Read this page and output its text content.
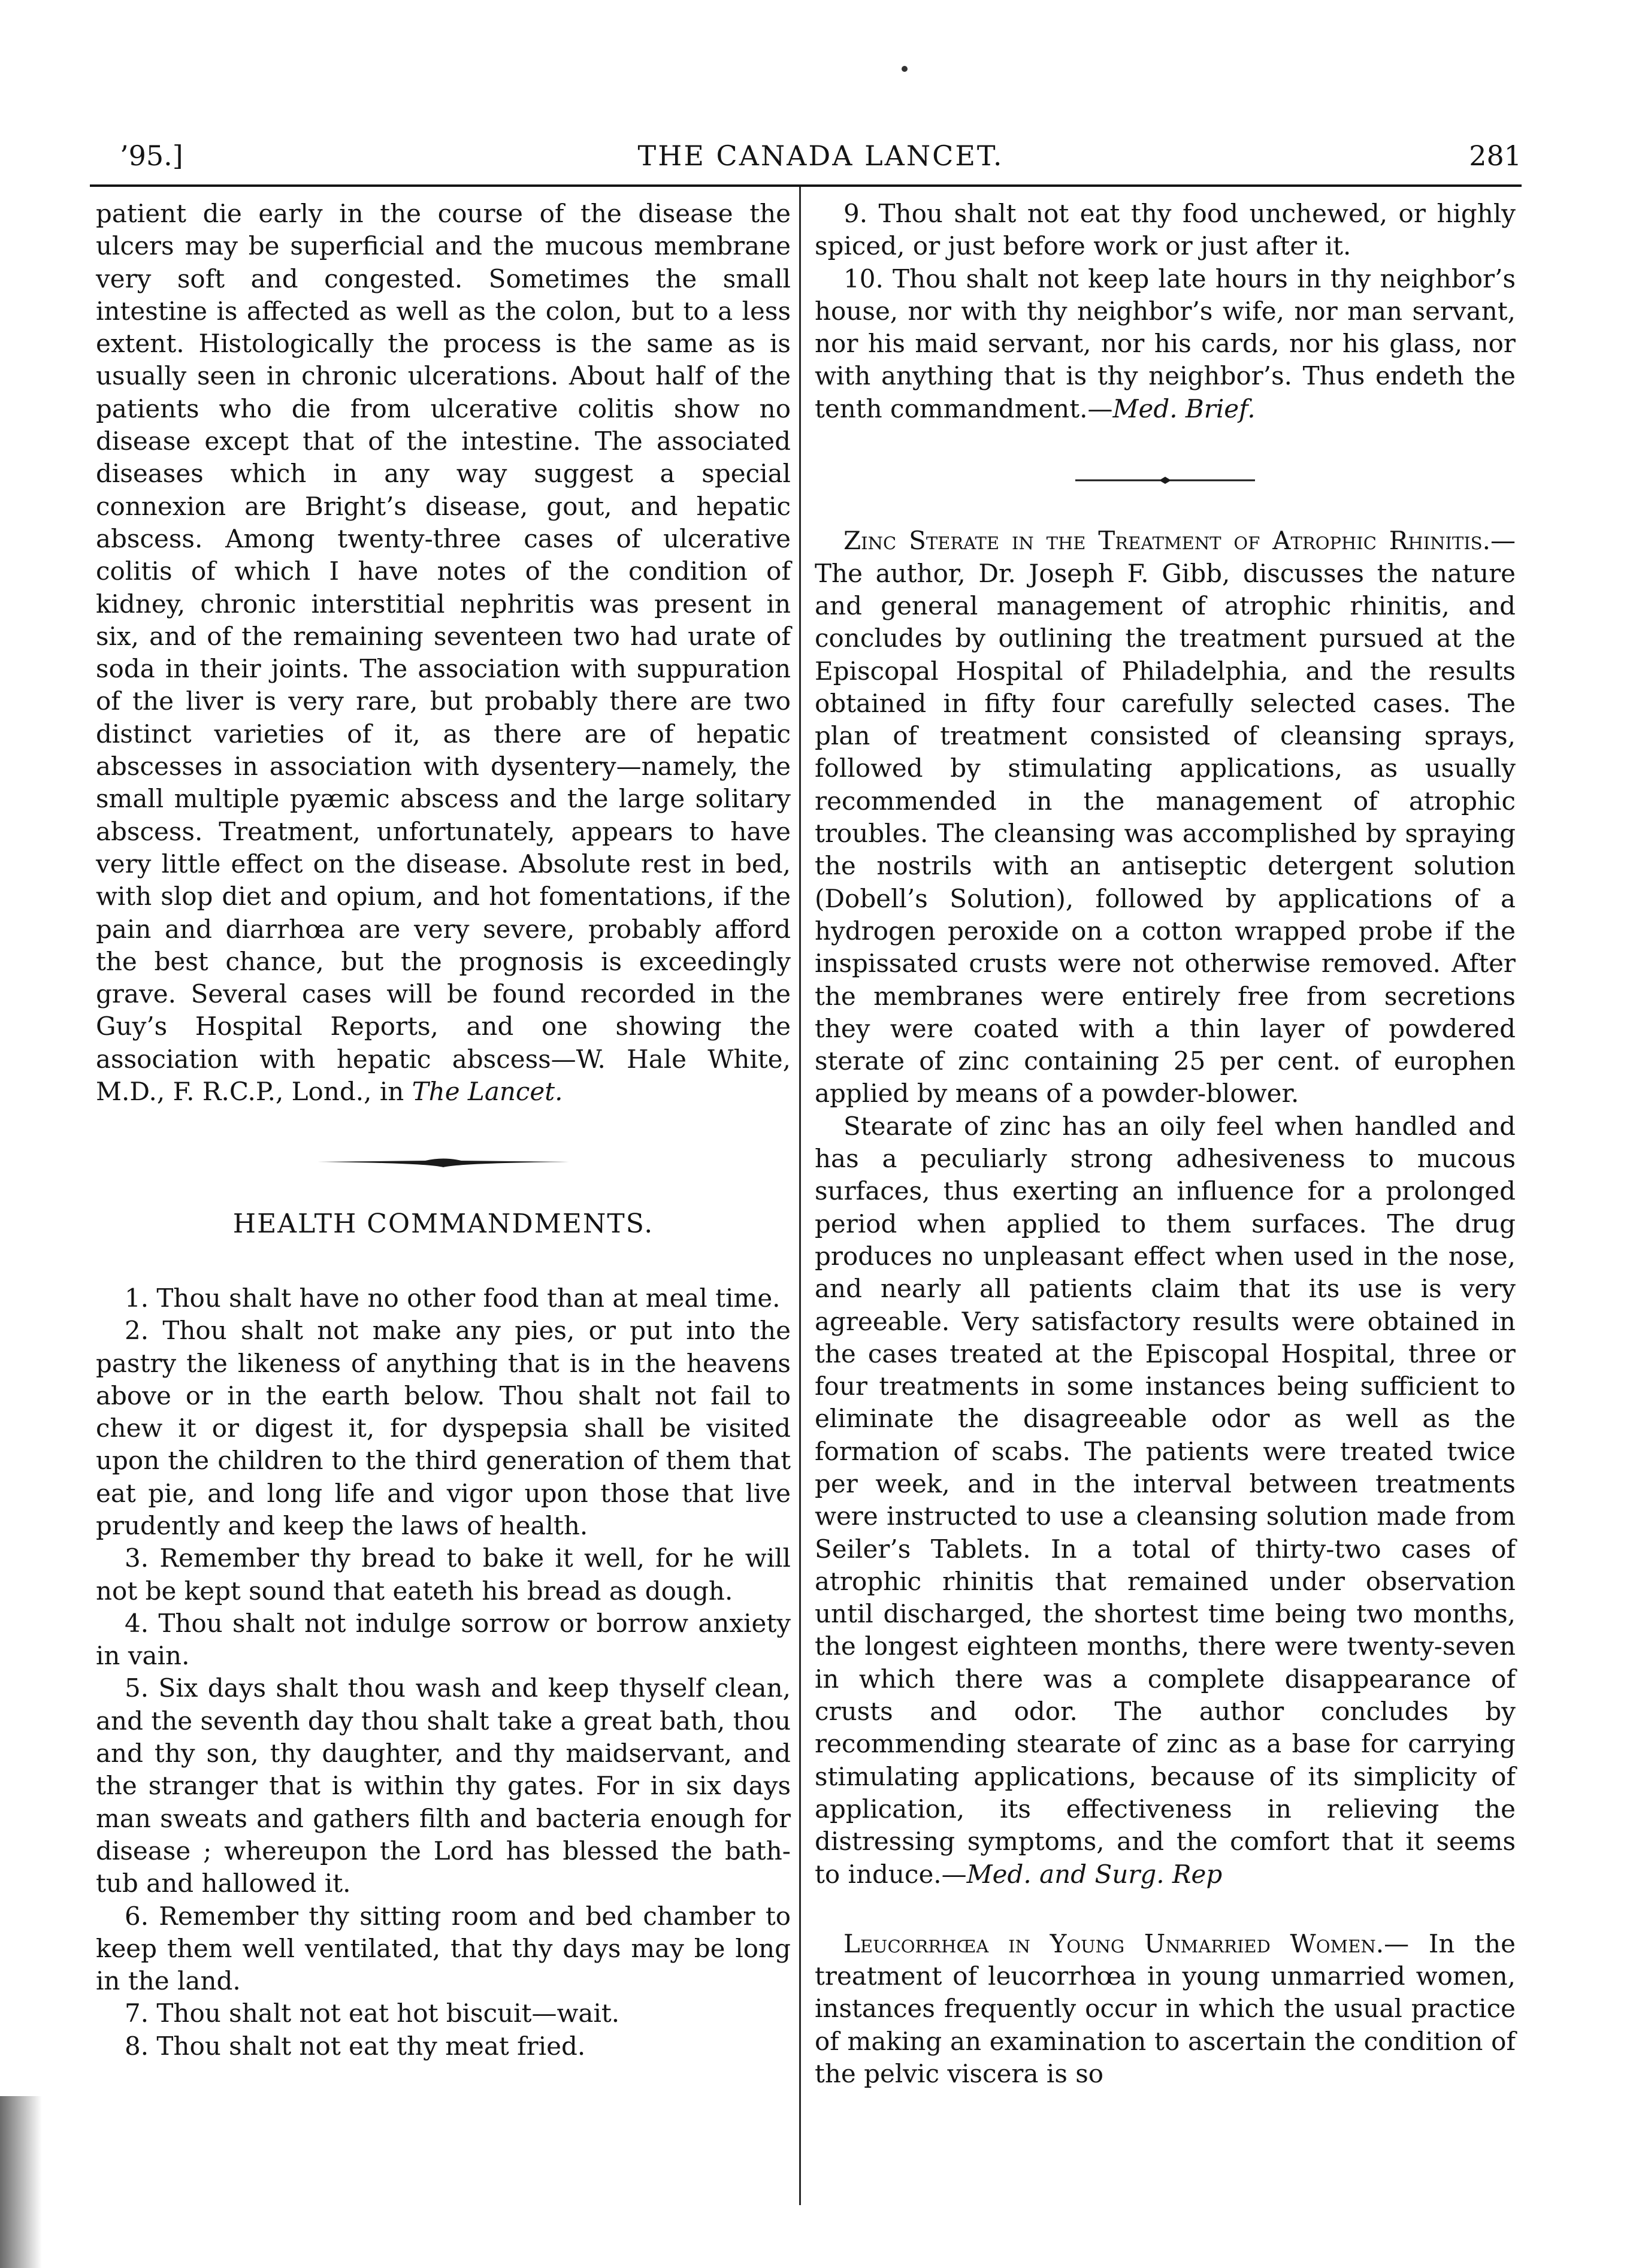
’95.]	THE CANADA LANCET.	281

patient die early in the course of the disease the ulcers may be superficial and the mucous membrane very soft and congested. Sometimes the small intestine is affected as well as the colon, but to a less extent. Histologically the process is the same as is usually seen in chronic ulcerations. About half of the patients who die from ulcerative colitis show no disease except that of the intestine. The associated diseases which in any way suggest a special connexion are Bright’s disease, gout, and hepatic abscess. Among twenty-three cases of ulcerative colitis of which I have notes of the condition of kidney, chronic interstitial nephritis was present in six, and of the remaining seventeen two had urate of soda in their joints. The association with suppuration of the liver is very rare, but probably there are two distinct varieties of it, as there are of hepatic abscesses in association with dysentery—namely, the small multiple pyæmic abscess and the large solitary abscess. Treatment, unfortunately, appears to have very little effect on the disease. Absolute rest in bed, with slop diet and opium, and hot fomentations, if the pain and diarrhœa are very severe, probably afford the best chance, but the prognosis is exceedingly grave. Several cases will be found recorded in the Guy’s Hospital Reports, and one showing the association with hepatic abscess—W. Hale White, M.D., F. R.C.P., Lond., in The Lancet.

HEALTH COMMANDMENTS.

1. Thou shalt have no other food than at meal time.

2. Thou shalt not make any pies, or put into the pastry the likeness of anything that is in the heavens above or in the earth below. Thou shalt not fail to chew it or digest it, for dyspepsia shall be visited upon the children to the third generation of them that eat pie, and long life and vigor upon those that live prudently and keep the laws of health.

3. Remember thy bread to bake it well, for he will not be kept sound that eateth his bread as dough.

4. Thou shalt not indulge sorrow or borrow anxiety in vain.

5. Six days shalt thou wash and keep thyself clean, and the seventh day thou shalt take a great bath, thou and thy son, thy daughter, and thy maidservant, and the stranger that is within thy gates. For in six days man sweats and gathers filth and bacteria enough for disease ; whereupon the Lord has blessed the bath-tub and hallowed it.

6. Remember thy sitting room and bed chamber to keep them well ventilated, that thy days may be long in the land.

7. Thou shalt not eat hot biscuit—wait.

8. Thou shalt not eat thy meat fried.

9. Thou shalt not eat thy food unchewed, or highly spiced, or just before work or just after it.

10. Thou shalt not keep late hours in thy neighbor’s house, nor with thy neighbor’s wife, nor man servant, nor his maid servant, nor his cards, nor his glass, nor with anything that is thy neighbor’s. Thus endeth the tenth commandment.—Med. Brief.

Zinc Sterate in the Treatment of Atrophic Rhinitis.—The author, Dr. Joseph F. Gibb, discusses the nature and general management of atrophic rhinitis, and concludes by outlining the treatment pursued at the Episcopal Hospital of Philadelphia, and the results obtained in fifty four carefully selected cases. The plan of treatment consisted of cleansing sprays, followed by stimulating applications, as usually recommended in the management of atrophic troubles. The cleansing was accomplished by spraying the nostrils with an antiseptic detergent solution (Dobell’s Solution), followed by applications of a hydrogen peroxide on a cotton wrapped probe if the inspissated crusts were not otherwise removed. After the membranes were entirely free from secretions they were coated with a thin layer of powdered sterate of zinc containing 25 per cent. of europhen applied by means of a powder-blower.

Stearate of zinc has an oily feel when handled and has a peculiarly strong adhesiveness to mucous surfaces, thus exerting an influence for a prolonged period when applied to them surfaces. The drug produces no unpleasant effect when used in the nose, and nearly all patients claim that its use is very agreeable. Very satisfactory results were obtained in the cases treated at the Episcopal Hospital, three or four treatments in some instances being sufficient to eliminate the disagreeable odor as well as the formation of scabs. The patients were treated twice per week, and in the interval between treatments were instructed to use a cleansing solution made from Seiler’s Tablets. In a total of thirty-two cases of atrophic rhinitis that remained under observation until discharged, the shortest time being two months, the longest eighteen months, there were twenty-seven in which there was a complete disappearance of crusts and odor. The author concludes by recommending stearate of zinc as a base for carrying stimulating applications, because of its simplicity of application, its effectiveness in relieving the distressing symptoms, and the comfort that it seems to induce.—Med. and Surg. Rep

Leucorrhœa in Young Unmarried Women.— In the treatment of leucorrhœa in young unmarried women, instances frequently occur in which the usual practice of making an examination to ascertain the condition of the pelvic viscera is so
